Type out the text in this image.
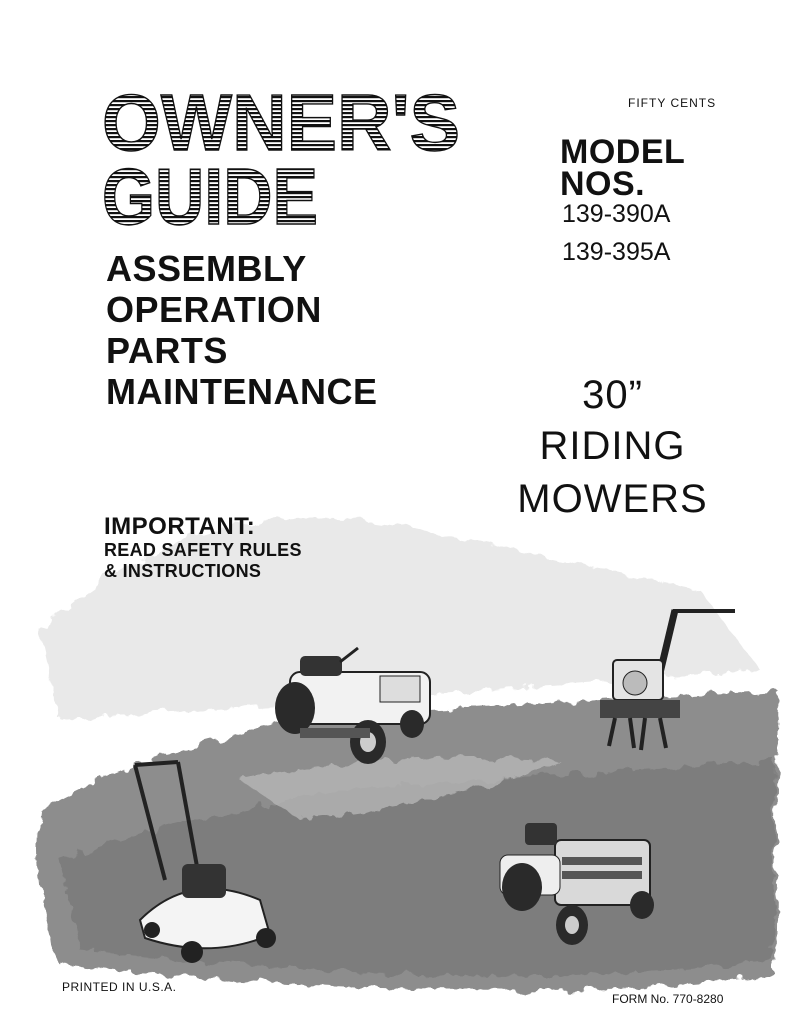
OWNER'S
GUIDE
FIFTY CENTS
MODEL
NOS.
139-390A
139-395A

ASSEMBLY

OPERATION

PARTS

MAINTENANCE	30”
RIDING
MOWERS
IMPORTANT:
READ SAFETY RULES
& INSTRUCTIONS
PRINTED IN U.S.A.
FORM No. 770-8280
